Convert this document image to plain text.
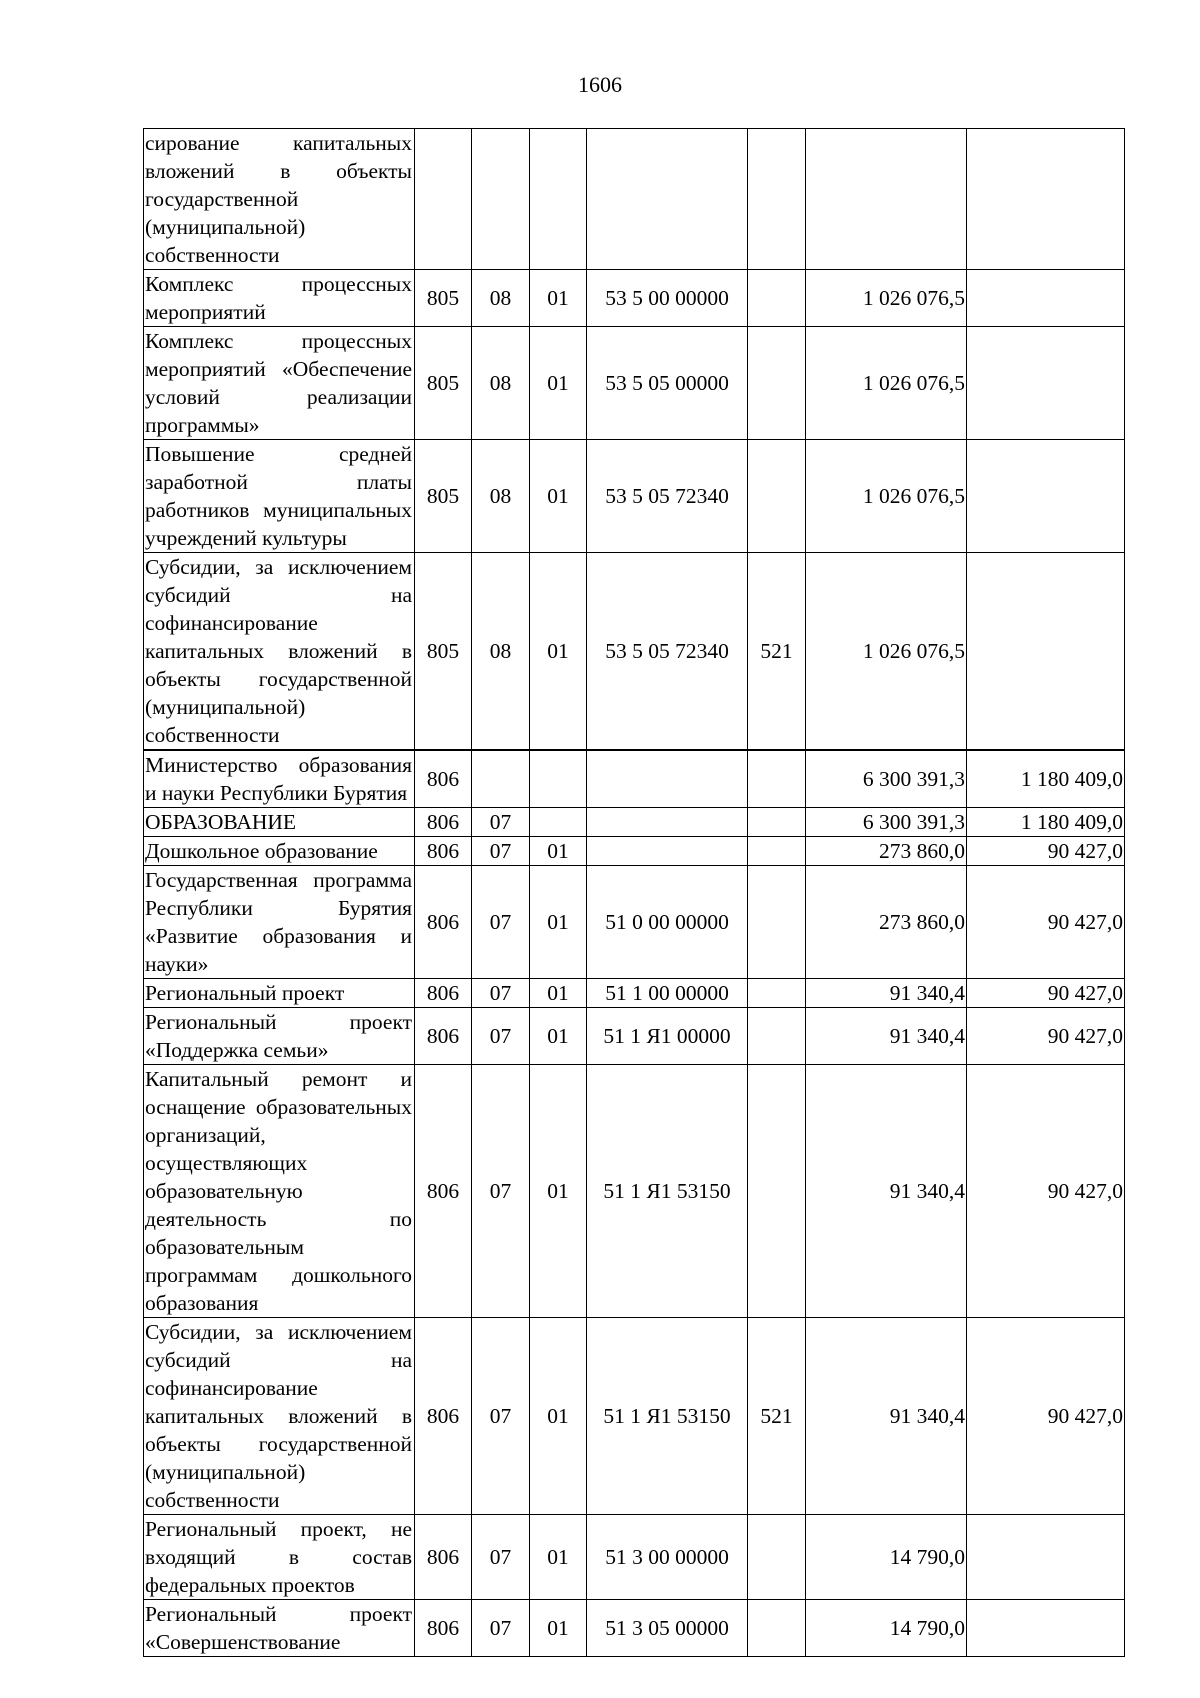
1606
сирование капитальных вложений в объекты государственной (муниципальной) собственности							
Комплекс процессных мероприятий	805	08	01	53 5 00 00000		1 026 076,5	
Комплекс процессных мероприятий «Обеспечение условий реализации программы»	805	08	01	53 5 05 00000		1 026 076,5	
Повышение средней заработной платы работников муниципальных учреждений культуры	805	08	01	53 5 05 72340		1 026 076,5	
Субсидии, за исключением субсидий на софинансирование капитальных вложений в объекты государственной (муниципальной) собственности	805	08	01	53 5 05 72340	521	1 026 076,5	
Министерство образования и науки Республики Бурятия	806					6 300 391,3	1 180 409,0
ОБРАЗОВАНИЕ	806	07				6 300 391,3	1 180 409,0
Дошкольное образование	806	07	01			273 860,0	90 427,0
Государственная программа Республики Бурятия «Развитие образования и науки»	806	07	01	51 0 00 00000		273 860,0	90 427,0
Региональный проект	806	07	01	51 1 00 00000		91 340,4	90 427,0
Региональный проект «Поддержка семьи»	806	07	01	51 1 Я1 00000		91 340,4	90 427,0
Капитальный ремонт и оснащение образовательных организаций, осуществляющих образовательную деятельность по образовательным программам дошкольного образования	806	07	01	51 1 Я1 53150		91 340,4	90 427,0
Субсидии, за исключением субсидий на софинансирование капитальных вложений в объекты государственной (муниципальной) собственности	806	07	01	51 1 Я1 53150	521	91 340,4	90 427,0
Региональный проект, не входящий в состав федеральных проектов	806	07	01	51 3 00 00000		14 790,0	
Региональный проект «Совершенствование	806	07	01	51 3 05 00000		14 790,0	
